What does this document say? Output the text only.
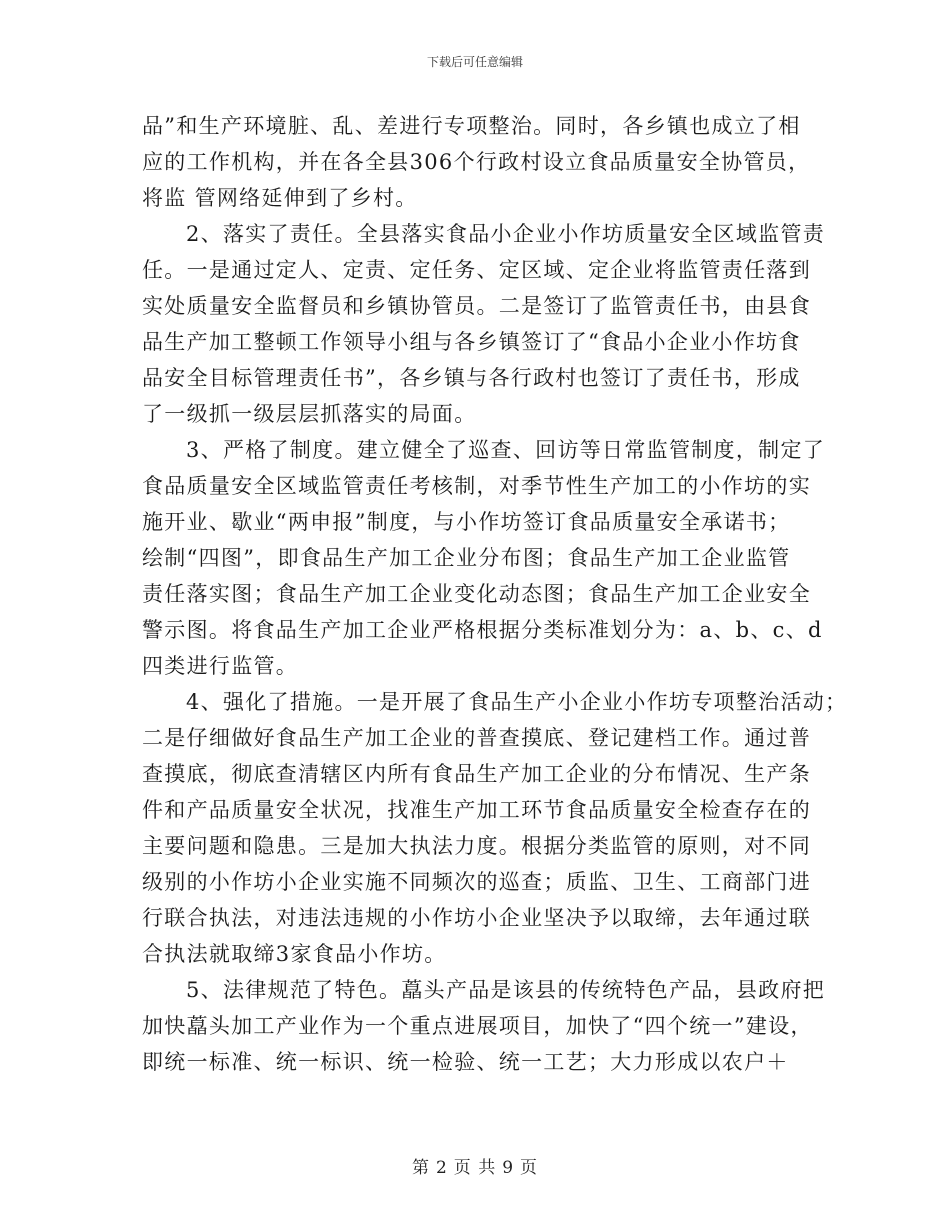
下载后可任意编辑
品”和生产环境脏、乱、差进行专项整治。同时，各乡镇也成立了相
应的工作机构，并在各全县306个行政村设立食品质量安全协管员，
将监 管网络延伸到了乡村。
2、落实了责任。全县落实食品小企业小作坊质量安全区域监管责
任。一是通过定人、定责、定任务、定区域、定企业将监管责任落到
实处质量安全监督员和乡镇协管员。二是签订了监管责任书，由县食
品生产加工整顿工作领导小组与各乡镇签订了“食品小企业小作坊食
品安全目标管理责任书”，各乡镇与各行政村也签订了责任书，形成
了一级抓一级层层抓落实的局面。
3、严格了制度。建立健全了巡查、回访等日常监管制度，制定了
食品质量安全区域监管责任考核制，对季节性生产加工的小作坊的实
施开业、歇业“两申报”制度，与小作坊签订食品质量安全承诺书；
绘制“四图”，即食品生产加工企业分布图；食品生产加工企业监管
责任落实图；食品生产加工企业变化动态图；食品生产加工企业安全
警示图。将食品生产加工企业严格根据分类标准划分为：a、b、c、d
四类进行监管。
4、强化了措施。一是开展了食品生产小企业小作坊专项整治活动；
二是仔细做好食品生产加工企业的普查摸底、登记建档工作。通过普
查摸底，彻底查清辖区内所有食品生产加工企业的分布情况、生产条
件和产品质量安全状况，找准生产加工环节食品质量安全检查存在的
主要问题和隐患。三是加大执法力度。根据分类监管的原则，对不同
级别的小作坊小企业实施不同频次的巡查；质监、卫生、工商部门进
行联合执法，对违法违规的小作坊小企业坚决予以取缔，去年通过联
合执法就取缔3家食品小作坊。
5、法律规范了特色。藠头产品是该县的传统特色产品，县政府把
加快藠头加工产业作为一个重点进展项目，加快了“四个统一”建设，
即统一标准、统一标识、统一检验、统一工艺；大力形成以农户＋
第 2 页 共 9 页
